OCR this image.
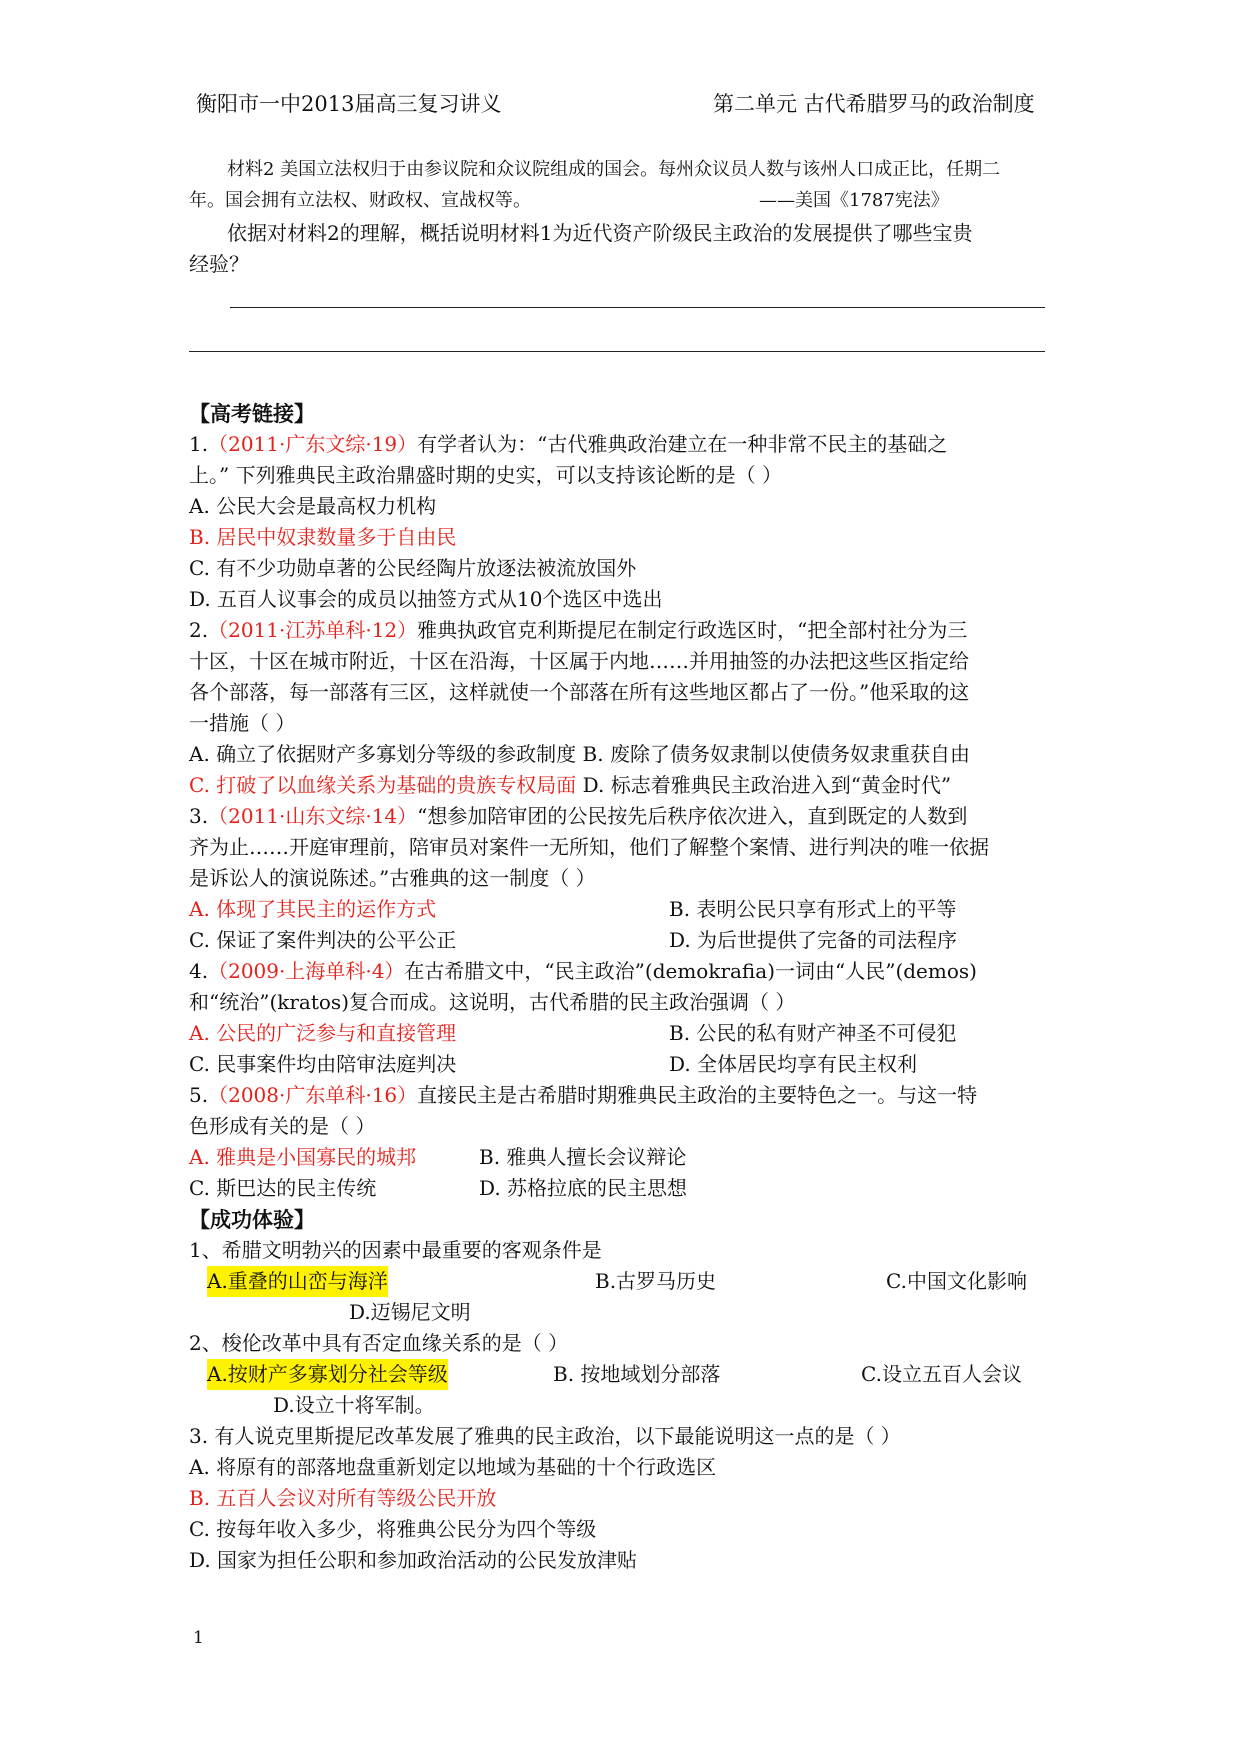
衡阳市一中2013届高三复习讲义	第二单元 古代希腊罗马的政治制度
材料2 美国立法权归于由参议院和众议院组成的国会。每州众议员人数与该州人口成正比，任期二
年。国会拥有立法权、财政权、宣战权等。	——美国《1787宪法》
依据对材料2的理解，概括说明材料1为近代资产阶级民主政治的发展提供了哪些宝贵
经验？
【高考链接】
1.（2011·广东文综·19）有学者认为：“古代雅典政治建立在一种非常不民主的基础之
上。” 下列雅典民主政治鼎盛时期的史实，可以支持该论断的是（ ）
A. 公民大会是最高权力机构
B. 居民中奴隶数量多于自由民
C. 有不少功勋卓著的公民经陶片放逐法被流放国外
D. 五百人议事会的成员以抽签方式从10个选区中选出
2.（2011·江苏单科·12）雅典执政官克利斯提尼在制定行政选区时，“把全部村社分为三
十区，十区在城市附近，十区在沿海，十区属于内地……并用抽签的办法把这些区指定给
各个部落，每一部落有三区，这样就使一个部落在所有这些地区都占了一份。”他采取的这
一措施（ ）
A. 确立了依据财产多寡划分等级的参政制度 B. 废除了债务奴隶制以使债务奴隶重获自由
C. 打破了以血缘关系为基础的贵族专权局面 D. 标志着雅典民主政治进入到“黄金时代”
3.（2011·山东文综·14）“想参加陪审团的公民按先后秩序依次进入，直到既定的人数到
齐为止……开庭审理前，陪审员对案件一无所知，他们了解整个案情、进行判决的唯一依据
是诉讼人的演说陈述。”古雅典的这一制度（ ）
A. 体现了其民主的运作方式	B. 表明公民只享有形式上的平等
C. 保证了案件判决的公平公正	D. 为后世提供了完备的司法程序
4.（2009·上海单科·4）在古希腊文中，“民主政治”(demokrafia)一词由“人民”(demos)
和“统治”(kratos)复合而成。这说明，古代希腊的民主政治强调（ ）
A. 公民的广泛参与和直接管理	B. 公民的私有财产神圣不可侵犯
C. 民事案件均由陪审法庭判决	D. 全体居民均享有民主权利
5.（2008·广东单科·16）直接民主是古希腊时期雅典民主政治的主要特色之一。与这一特
色形成有关的是（ ）
A. 雅典是小国寡民的城邦	B. 雅典人擅长会议辩论
C. 斯巴达的民主传统	D. 苏格拉底的民主思想
【成功体验】
1、希腊文明勃兴的因素中最重要的客观条件是
A.重叠的山峦与海洋	B.古罗马历史	C.中国文化影响
D.迈锡尼文明
2、梭伦改革中具有否定血缘关系的是（ ）
A.按财产多寡划分社会等级	B. 按地域划分部落	C.设立五百人会议
D.设立十将军制。
3. 有人说克里斯提尼改革发展了雅典的民主政治，以下最能说明这一点的是（ ）
A. 将原有的部落地盘重新划定以地域为基础的十个行政选区
B. 五百人会议对所有等级公民开放
C. 按每年收入多少，将雅典公民分为四个等级
D. 国家为担任公职和参加政治活动的公民发放津贴
1
